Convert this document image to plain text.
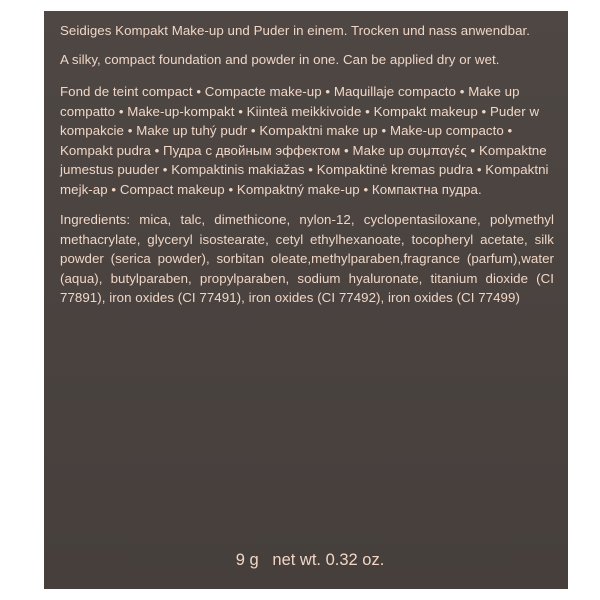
Seidiges Kompakt Make-up und Puder in einem. Trocken und nass anwendbar.
A silky, compact foundation and powder in one. Can be applied dry or wet.
Fond de teint compact • Compacte make-up • Maquillaje compacto • Make up compatto • Make-up-kompakt • Kiinteä meikkivoide • Kompakt makeup • Puder w kompakcie • Make up tuhý pudr • Kompaktni make up • Make-up compacto • Kompakt pudra • Пудра с двойным эффектом • Make up συμπαγές • Kompaktne jumestus puuder • Kompaktinis makiažas • Kompaktinė kremas pudra • Kompaktni mejk-ap • Compact makeup • Kompaktný make-up • Компактна пудра.
Ingredients: mica, talc, dimethicone, nylon-12, cyclopentasiloxane, polymethyl methacrylate, glyceryl isostearate, cetyl ethylhexanoate, tocopheryl acetate, silk powder (serica powder), sorbitan oleate,methylparaben,fragrance (parfum),water (aqua), butylparaben, propylparaben, sodium hyaluronate, titanium dioxide (CI 77891), iron oxides (CI 77491), iron oxides (CI 77492), iron oxides (CI 77499)
9 g net wt. 0.32 oz.
